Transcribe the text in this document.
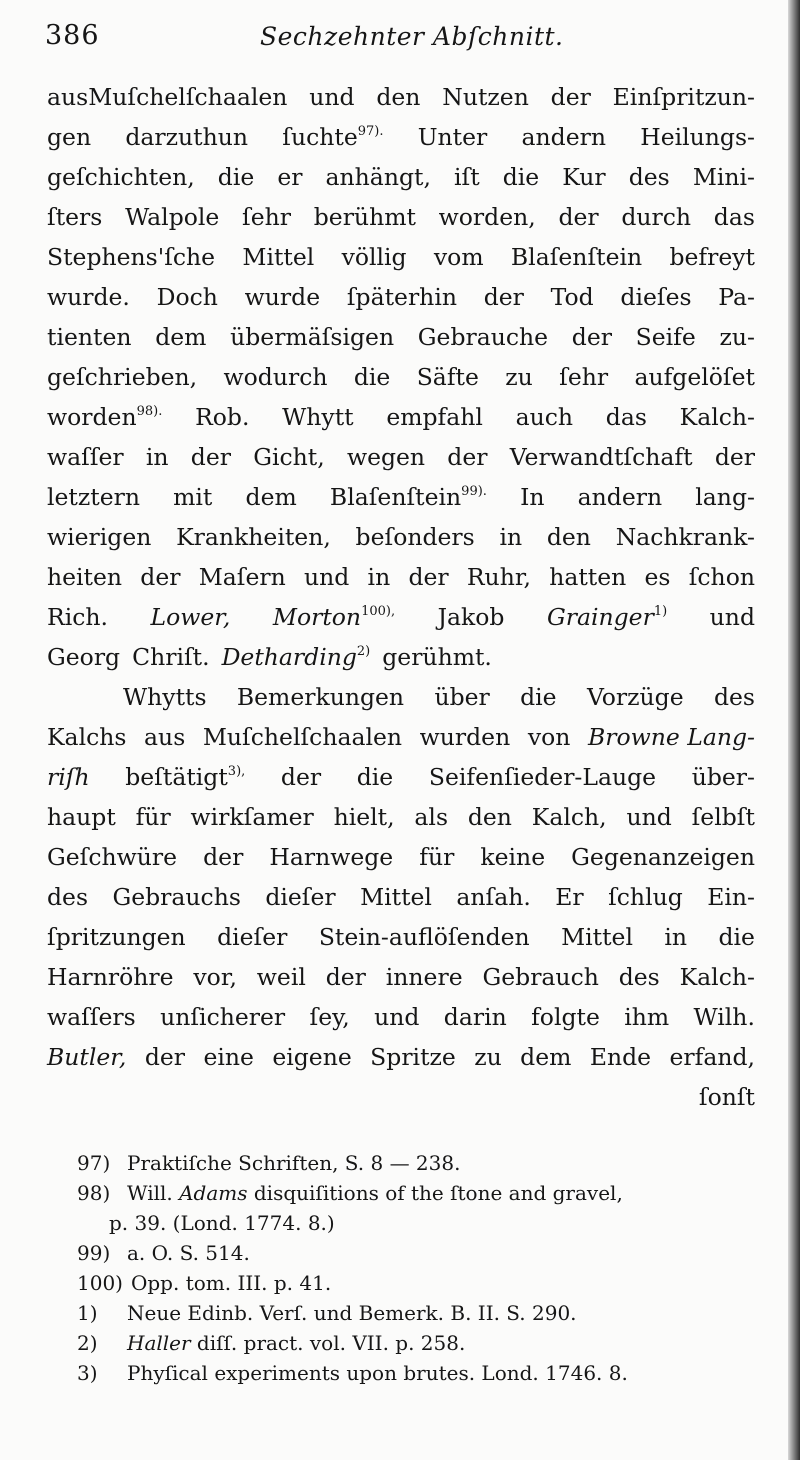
386	Sechzehnter Abſchnitt.
ausMuſchelſchaalen und den Nutzen der Einſpritzun-
gen darzuthun ſuchte$^{97).}$ Unter andern Heilungs-
geſchichten, die er anhängt, iſt die Kur des Mini-
ſters Walpole ſehr berühmt worden, der durch das
Stephens'ſche Mittel völlig vom Blaſenſtein befreyt
wurde. Doch wurde ſpäterhin der Tod dieſes Pa-
tienten dem übermäſsigen Gebrauche der Seife zu-
geſchrieben, wodurch die Säfte zu ſehr aufgelöſet
worden$^{98).}$ Rob. Whytt empfahl auch das Kalch-
waſſer in der Gicht, wegen der Verwandtſchaft der
letztern mit dem Blaſenſtein$^{99).}$ In andern lang-
wierigen Krankheiten, beſonders in den Nachkrank-
heiten der Maſern und in der Ruhr, hatten es ſchon
Rich. Lower, Morton$^{100),}$ Jakob Grainger$^{1)}$ und
Georg Chriſt. Detharding$^{2)}$ gerühmt.
Whytts Bemerkungen über die Vorzüge des
Kalchs aus Muſchelſchaalen wurden von Browne Lang-
riſh beſtätigt$^{3),}$ der die Seifenſieder-Lauge über-
haupt für wirkſamer hielt, als den Kalch, und ſelbſt
Geſchwüre der Harnwege für keine Gegenanzeigen
des Gebrauchs dieſer Mittel anſah. Er ſchlug Ein-
ſpritzungen dieſer Stein-auflöſenden Mittel in die
Harnröhre vor, weil der innere Gebrauch des Kalch-
waſſers unſicherer ſey, und darin folgte ihm Wilh.
Butler, der eine eigene Spritze zu dem Ende erfand,
ſonſt
97) Praktiſche Schriften, S. 8 — 238.
98) Will. Adams disquiſitions of the ſtone and gravel,
p. 39. (Lond. 1774. 8.)
99) a. O. S. 514.
100) Opp. tom. III. p. 41.
1) Neue Edinb. Verſ. und Bemerk. B. II. S. 290.
2) Haller diſſ. pract. vol. VII. p. 258.
3) Phyſical experiments upon brutes. Lond. 1746. 8.
